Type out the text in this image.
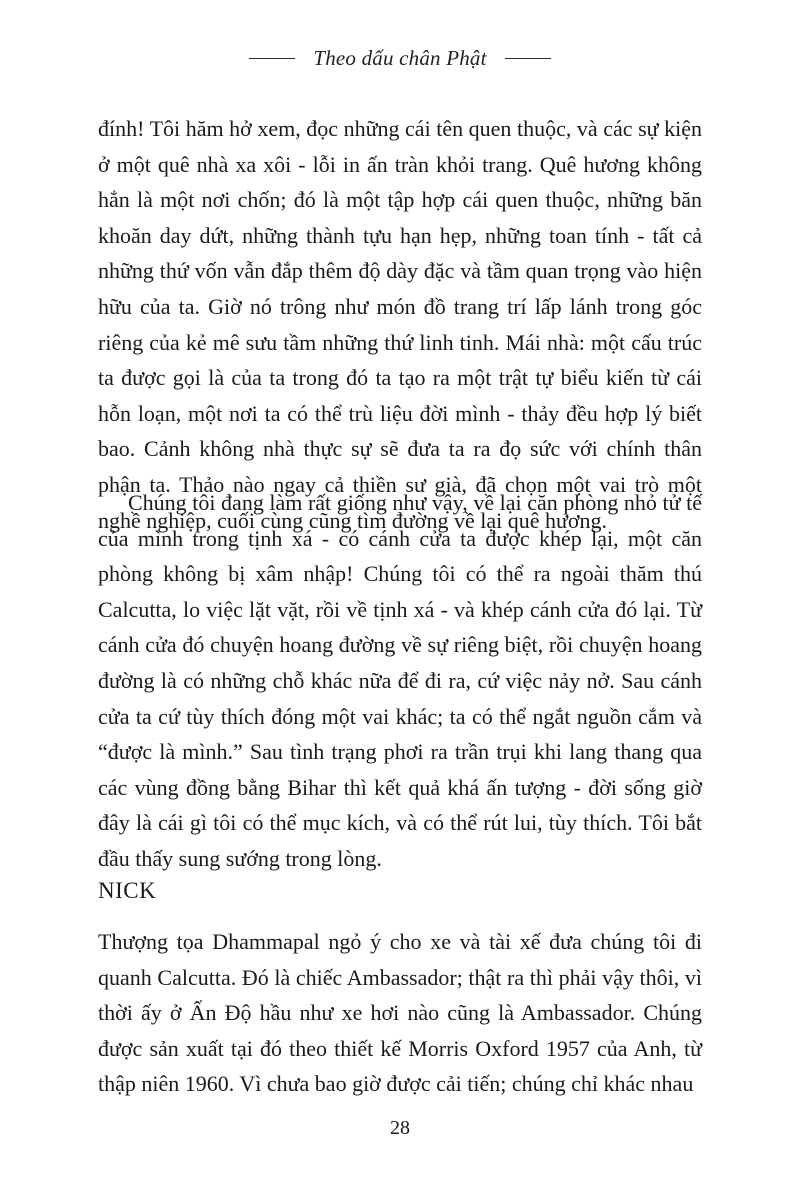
Theo dấu chân Phật

đính! Tôi hăm hở xem, đọc những cái tên quen thuộc, và các sự kiện ở một quê nhà xa xôi - lỗi in ấn tràn khỏi trang. Quê hương không hẳn là một nơi chốn; đó là một tập hợp cái quen thuộc, những băn khoăn day dứt, những thành tựu hạn hẹp, những toan tính - tất cả những thứ vốn vẫn đắp thêm độ dày đặc và tầm quan trọng vào hiện hữu của ta. Giờ nó trông như món đồ trang trí lấp lánh trong góc riêng của kẻ mê sưu tầm những thứ linh tinh. Mái nhà: một cấu trúc ta được gọi là của ta trong đó ta tạo ra một trật tự biểu kiến từ cái hỗn loạn, một nơi ta có thể trù liệu đời mình - thảy đều hợp lý biết bao. Cảnh không nhà thực sự sẽ đưa ta ra đọ sức với chính thân phận ta. Thảo nào ngay cả thiền sư già, đã chọn một vai trò một nghề nghiệp, cuối cùng cũng tìm đường về lại quê hương.

Chúng tôi đang làm rất giống như vậy, về lại căn phòng nhỏ tử tế của mình trong tịnh xá - có cánh cửa ta được khép lại, một căn phòng không bị xâm nhập! Chúng tôi có thể ra ngoài thăm thú Calcutta, lo việc lặt vặt, rồi về tịnh xá - và khép cánh cửa đó lại. Từ cánh cửa đó chuyện hoang đường về sự riêng biệt, rồi chuyện hoang đường là có những chỗ khác nữa để đi ra, cứ việc nảy nở. Sau cánh cửa ta cứ tùy thích đóng một vai khác; ta có thể ngắt nguồn cắm và “được là mình.” Sau tình trạng phơi ra trần trụi khi lang thang qua các vùng đồng bằng Bihar thì kết quả khá ấn tượng - đời sống giờ đây là cái gì tôi có thể mục kích, và có thể rút lui, tùy thích. Tôi bắt đầu thấy sung sướng trong lòng.

NICK

Thượng tọa Dhammapal ngỏ ý cho xe và tài xế đưa chúng tôi đi quanh Calcutta. Đó là chiếc Ambassador; thật ra thì phải vậy thôi, vì thời ấy ở Ấn Độ hầu như xe hơi nào cũng là Ambassador. Chúng được sản xuất tại đó theo thiết kế Morris Oxford 1957 của Anh, từ thập niên 1960. Vì chưa bao giờ được cải tiến; chúng chỉ khác nhau

28
